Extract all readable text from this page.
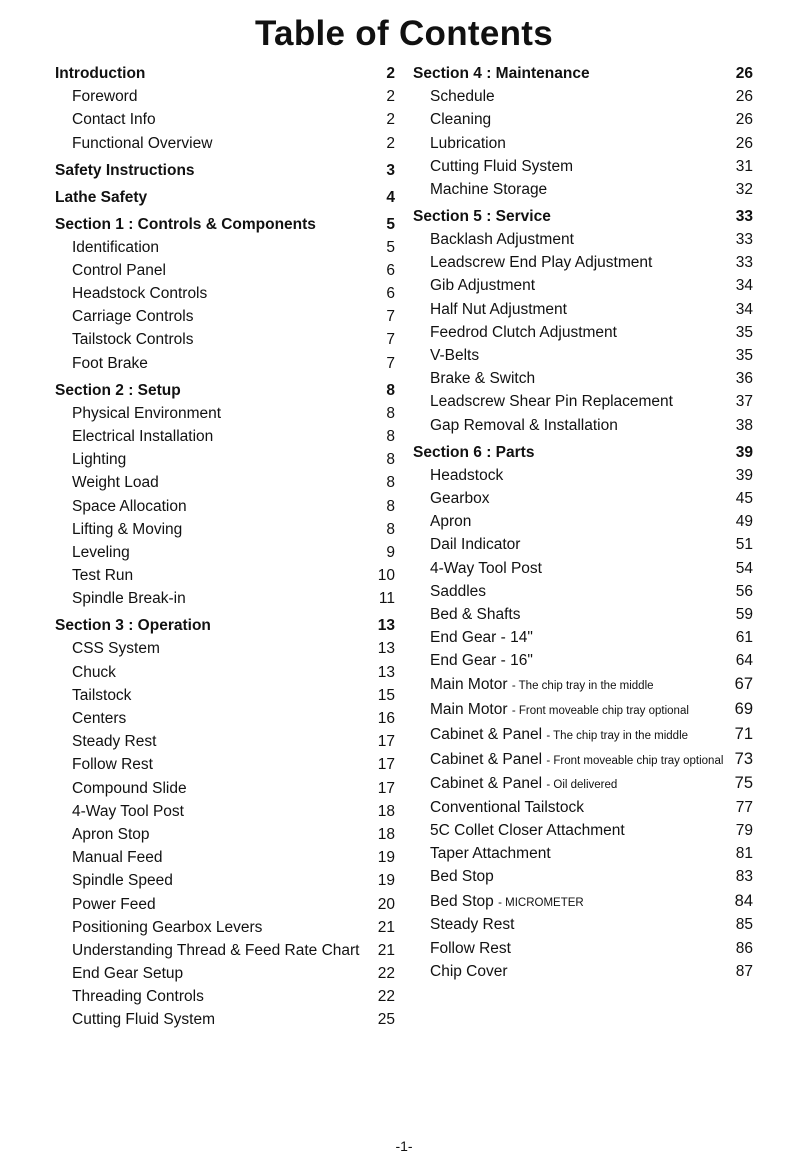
Table of Contents
Introduction	2
Foreword	2
Contact Info	2
Functional Overview	2
Safety Instructions	3
Lathe Safety	4
Section 1 : Controls & Components	5
Identification	5
Control Panel	6
Headstock Controls	6
Carriage Controls	7
Tailstock Controls	7
Foot Brake	7
Section 2 : Setup	8
Physical Environment	8
Electrical Installation	8
Lighting	8
Weight Load	8
Space Allocation	8
Lifting & Moving	8
Leveling	9
Test Run	10
Spindle Break-in	11
Section 3 : Operation	13
CSS System	13
Chuck	13
Tailstock	15
Centers	16
Steady Rest	17
Follow Rest	17
Compound Slide	17
4-Way Tool Post	18
Apron Stop	18
Manual Feed	19
Spindle Speed	19
Power Feed	20
Positioning Gearbox Levers	21
Understanding Thread & Feed Rate Chart 21
End Gear Setup	22
Threading Controls	22
Cutting Fluid System	25
Section 4 : Maintenance	26
Schedule	26
Cleaning	26
Lubrication	26
Cutting Fluid System	31
Machine Storage	32
Section 5 : Service	33
Backlash Adjustment	33
Leadscrew End Play Adjustment	33
Gib Adjustment	34
Half Nut Adjustment	34
Feedrod Clutch Adjustment	35
V-Belts	35
Brake & Switch	36
Leadscrew Shear Pin Replacement	37
Gap Removal & Installation	38
Section 6 : Parts	39
Headstock	39
Gearbox	45
Apron	49
Dail Indicator	51
4-Way Tool Post	54
Saddles	56
Bed & Shafts	59
End Gear - 14"	61
End Gear - 16"	64
Main Motor - The chip tray in the middle	67
Main Motor - Front moveable chip tray optional	69
Cabinet & Panel - The chip tray in the middle	71
Cabinet & Panel - Front moveable chip tray optional 73
Cabinet & Panel - Oil delivered	75
Conventional Tailstock	77
5C Collet Closer Attachment	79
Taper Attachment	81
Bed Stop	83
Bed Stop - MICROMETER	84
Steady Rest	85
Follow Rest	86
Chip Cover	87
-1-
